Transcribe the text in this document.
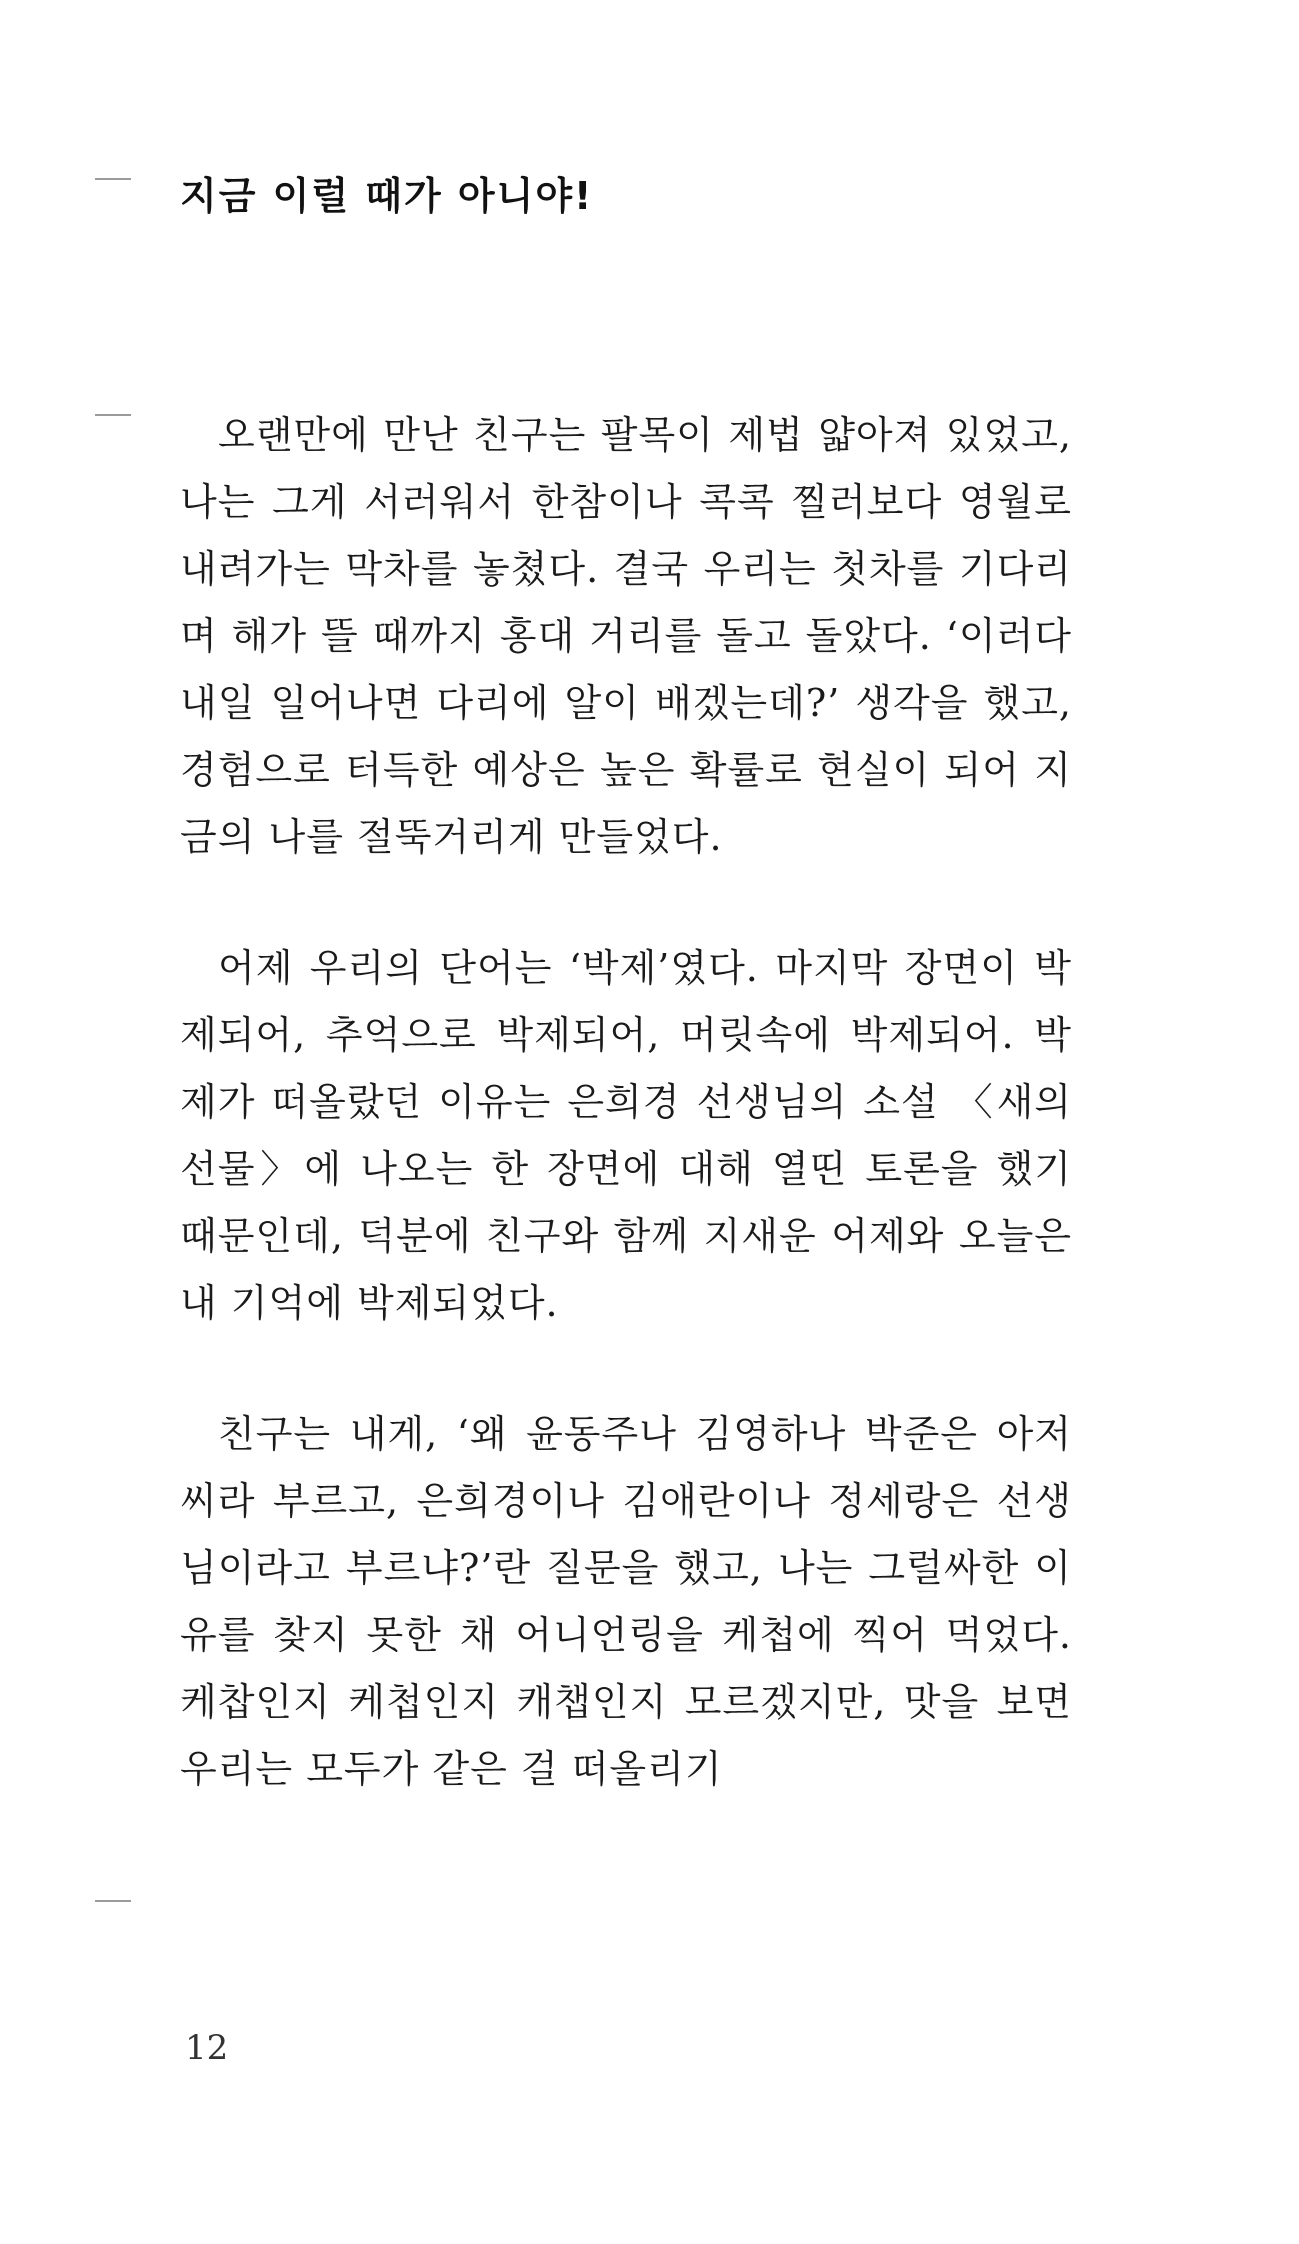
지금 이럴 때가 아니야!

오랜만에 만난 친구는 팔목이 제법 얇아져 있었고, 나는 그게 서러워서 한참이나 콕콕 찔러보다 영월로 내려가는 막차를 놓쳤다. 결국 우리는 첫차를 기다리며 해가 뜰 때까지 홍대 거리를 돌고 돌았다. ‘이러다 내일 일어나면 다리에 알이 배겠는데?’ 생각을 했고, 경험으로 터득한 예상은 높은 확률로 현실이 되어 지금의 나를 절뚝거리게 만들었다.

어제 우리의 단어는 ‘박제’였다. 마지막 장면이 박제되어, 추억으로 박제되어, 머릿속에 박제되어. 박제가 떠올랐던 이유는 은희경 선생님의 소설 〈새의 선물〉에 나오는 한 장면에 대해 열띤 토론을 했기 때문인데, 덕분에 친구와 함께 지새운 어제와 오늘은 내 기억에 박제되었다.

친구는 내게, ‘왜 윤동주나 김영하나 박준은 아저씨라 부르고, 은희경이나 김애란이나 정세랑은 선생님이라고 부르냐?’란 질문을 했고, 나는 그럴싸한 이유를 찾지 못한 채 어니언링을 케첩에 찍어 먹었다. 케찹인지 케첩인지 캐챕인지 모르겠지만, 맛을 보면 우리는 모두가 같은 걸 떠올리기

12
